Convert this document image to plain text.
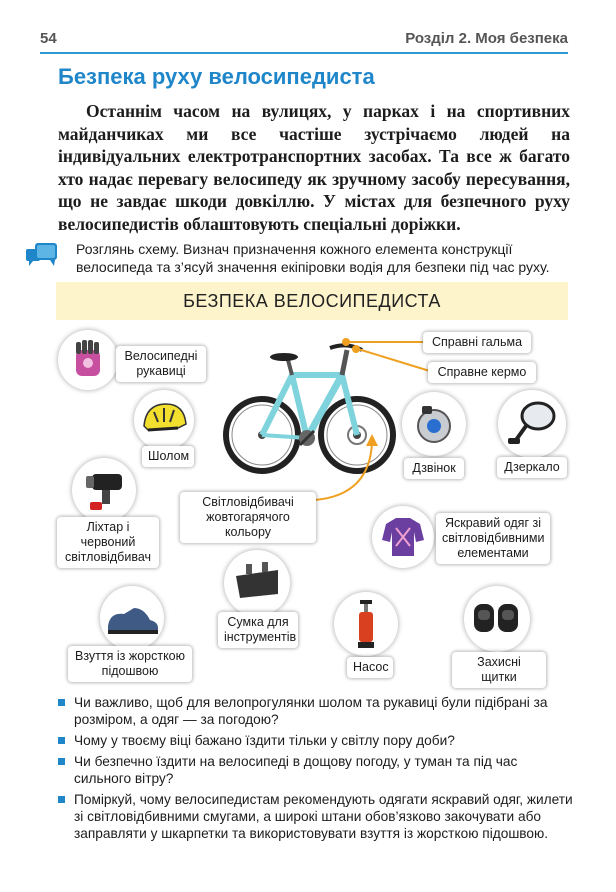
54	Розділ 2. Моя безпека
Безпека руху велосипедиста
Останнім часом на вулицях, у парках і на спортивних майданчиках ми все частіше зустрічаємо людей на індивідуальних електротранспортних засобах. Та все ж багато хто надає перевагу велосипеду як зручному засобу пересування, що не завдає шкоди довкіллю. У містах для безпечного руху велосипедистів облаштовують спеціальні доріжки.
Розглянь схему. Визнач призначення кожного елемента конструкції велосипеда та з’ясуй значення екіпіровки водія для безпеки під час руху.
БЕЗПЕКА ВЕЛОСИПЕДИСТА
Велосипедні рукавиці
Справні гальма
Справне кермо
Шолом
Дзвінок	Дзеркало
Ліхтар і червоний світловідбивач
Світловідбивачі жовтогарячого кольору
Яскравий одяг зі світловідбивними елементами
Сумка для інструментів
Взуття із жорсткою підошвою	Насос	Захисні щитки
Чи важливо, щоб для велопрогулянки шолом та рукавиці були підібрані за розміром, а одяг — за погодою?
Чому у твоєму віці бажано їздити тільки у світлу пору доби?
Чи безпечно їздити на велосипеді в дощову погоду, у туман та під час сильного вітру?
Поміркуй, чому велосипедистам рекомендують одягати яскравий одяг, жилети зі світловідбивними смугами, а широкі штани обов’язково закочувати або заправляти у шкарпетки та використовувати взуття із жорсткою підошвою.
